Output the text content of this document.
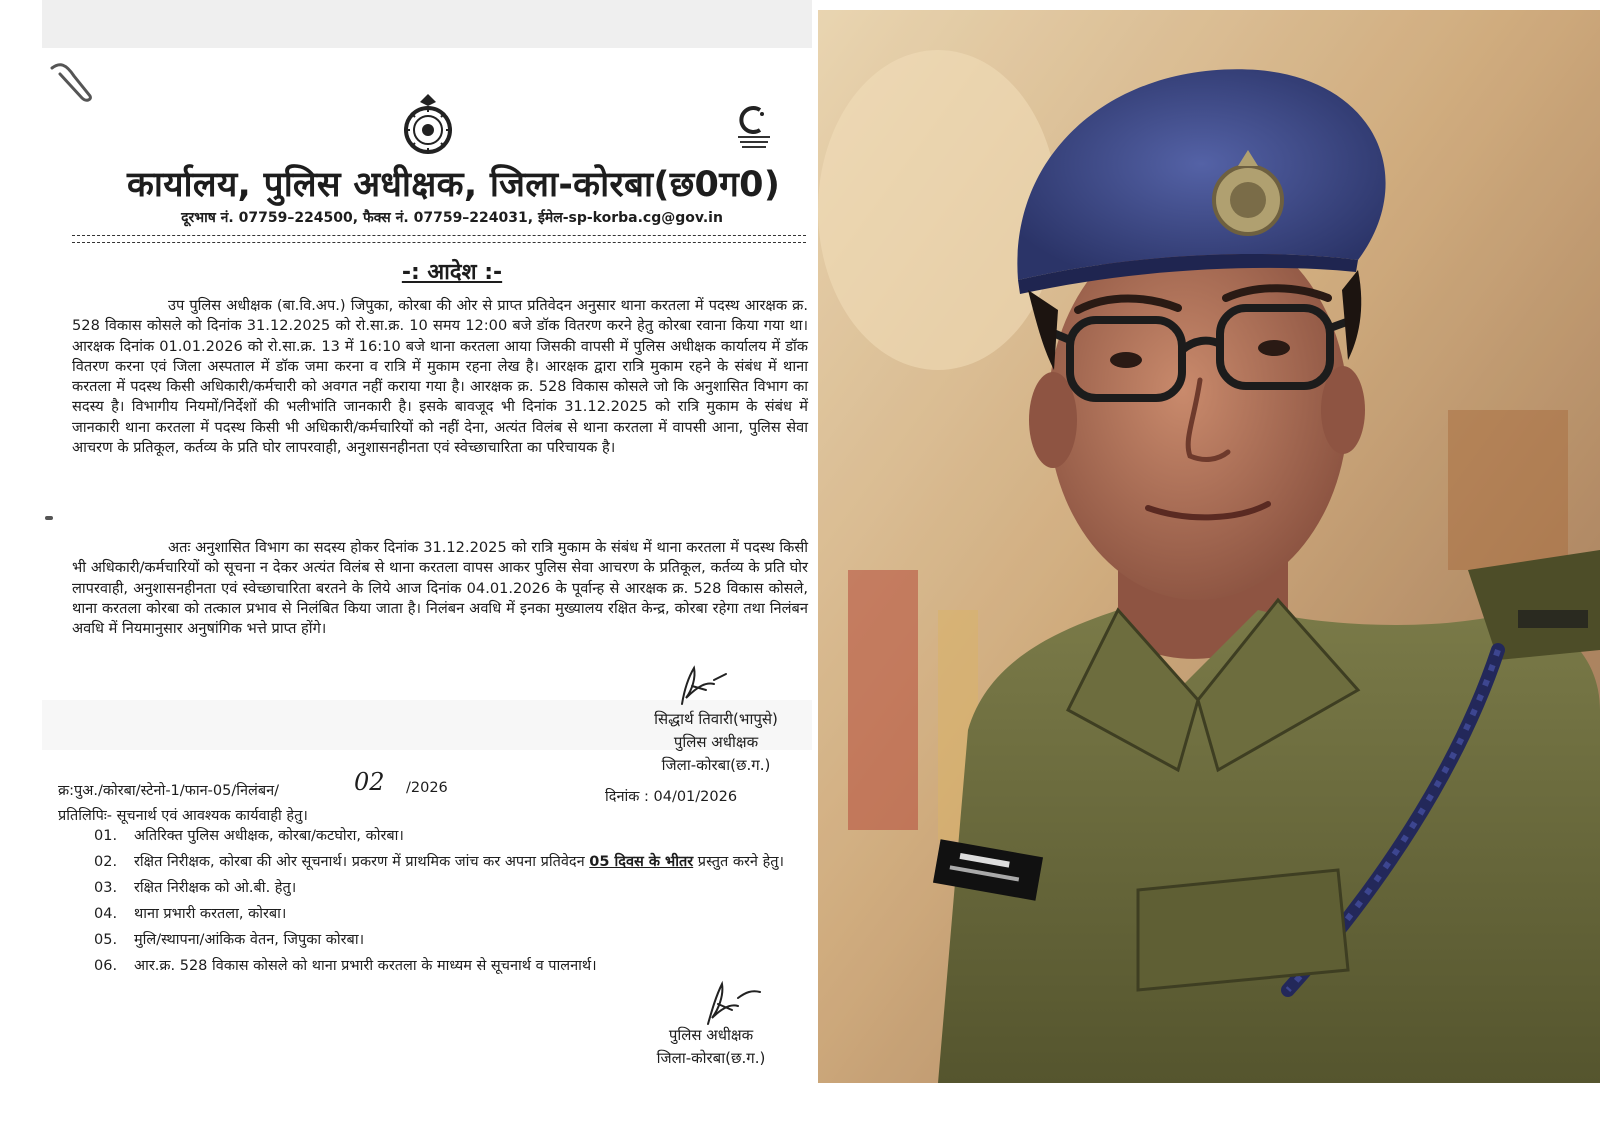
कार्यालय, पुलिस अधीक्षक, जिला-कोरबा(छ0ग0)
दूरभाष नं. 07759–224500, फैक्स नं. 07759–224031, ईमेल-sp-korba.cg@gov.in
-: आदेश :-
उप पुलिस अधीक्षक (बा.वि.अप.) जिपुका, कोरबा की ओर से प्राप्त प्रतिवेदन अनुसार थाना करतला में पदस्थ आरक्षक क्र. 528 विकास कोसले को दिनांक 31.12.2025 को रो.सा.क्र. 10 समय 12:00 बजे डॉक वितरण करने हेतु कोरबा रवाना किया गया था। आरक्षक दिनांक 01.01.2026 को रो.सा.क्र. 13 में 16:10 बजे थाना करतला आया जिसकी वापसी में पुलिस अधीक्षक कार्यालय में डॉक वितरण करना एवं जिला अस्पताल में डॉक जमा करना व रात्रि में मुकाम रहना लेख है। आरक्षक द्वारा रात्रि मुकाम रहने के संबंध में थाना करतला में पदस्थ किसी अधिकारी/कर्मचारी को अवगत नहीं कराया गया है। आरक्षक क्र. 528 विकास कोसले जो कि अनुशासित विभाग का सदस्य है। विभागीय नियमों/निर्देशों की भलीभांति जानकारी है। इसके बावजूद भी दिनांक 31.12.2025 को रात्रि मुकाम के संबंध में जानकारी थाना करतला में पदस्थ किसी भी अधिकारी/कर्मचारियों को नहीं देना, अत्यंत विलंब से थाना करतला में वापसी आना, पुलिस सेवा आचरण के प्रतिकूल, कर्तव्य के प्रति घोर लापरवाही, अनुशासनहीनता एवं स्वेच्छाचारिता का परिचायक है।
अतः अनुशासित विभाग का सदस्य होकर दिनांक 31.12.2025 को रात्रि मुकाम के संबंध में थाना करतला में पदस्थ किसी भी अधिकारी/कर्मचारियों को सूचना न देकर अत्यंत विलंब से थाना करतला वापस आकर पुलिस सेवा आचरण के प्रतिकूल, कर्तव्य के प्रति घोर लापरवाही, अनुशासनहीनता एवं स्वेच्छाचारिता बरतने के लिये आज दिनांक 04.01.2026 के पूर्वान्ह से आरक्षक क्र. 528 विकास कोसले, थाना करतला कोरबा को तत्काल प्रभाव से निलंबित किया जाता है। निलंबन अवधि में इनका मुख्यालय रक्षित केन्द्र, कोरबा रहेगा तथा निलंबन अवधि में नियमानुसार अनुषांगिक भत्ते प्राप्त होंगे।
सिद्धार्थ तिवारी(भापुसे)
पुलिस अधीक्षक
जिला-कोरबा(छ.ग.)
क्र:पुअ./कोरबा/स्टेनो-1/फान-05/निलंबन/	02 /2026
दिनांक : 04/01/2026
प्रतिलिपिः- सूचनार्थ एवं आवश्यक कार्यवाही हेतु।
01. अतिरिक्त पुलिस अधीक्षक, कोरबा/कटघोरा, कोरबा।
02. रक्षित निरीक्षक, कोरबा की ओर सूचनार्थ। प्रकरण में प्राथमिक जांच कर अपना प्रतिवेदन 05 दिवस के भीतर प्रस्तुत करने हेतु।
03. रक्षित निरीक्षक को ओ.बी. हेतु।
04. थाना प्रभारी करतला, कोरबा।
05. मुलि/स्थापना/आंकिक वेतन, जिपुका कोरबा।
06. आर.क्र. 528 विकास कोसले को थाना प्रभारी करतला के माध्यम से सूचनार्थ व पालनार्थ।
पुलिस अधीक्षक
जिला-कोरबा(छ.ग.)
